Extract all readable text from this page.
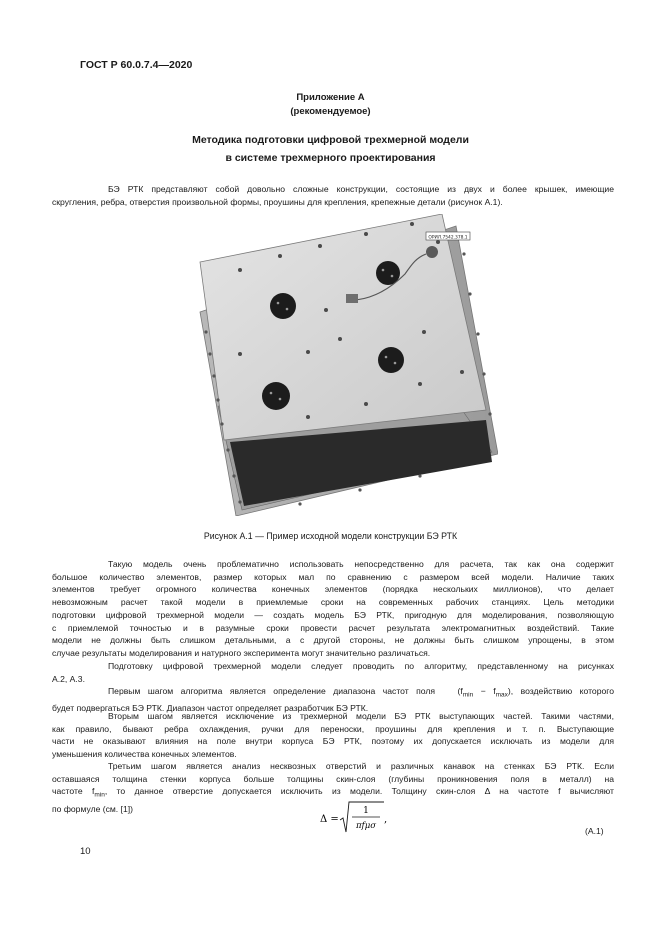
ГОСТ Р 60.0.7.4—2020
Приложение А
(рекомендуемое)
Методика подготовки цифровой трехмерной модели
в системе трехмерного проектирования
БЭ РТК представляют собой довольно сложные конструкции, состоящие из двух и более крышек, имеющие
скругления, ребра, отверстия произвольной формы, проушины для крепления, крепежные детали (рисунок А.1).
ОРИЛ.7542.378.1
Рисунок А.1 — Пример исходной модели конструкции БЭ РТК
Такую модель очень проблематично использовать непосредственно для расчета, так как она содержит
большое количество элементов, размер которых мал по сравнению с размером всей модели. Наличие таких
элементов требует огромного количества конечных элементов (порядка нескольких миллионов), что делает
невозможным расчет такой модели в приемлемые сроки на современных рабочих станциях. Цель методики
подготовки цифровой трехмерной модели — создать модель БЭ РТК, пригодную для моделирования, позволяющую
с приемлемой точностью и в разумные сроки провести расчет результата электромагнитных воздействий. Такие
модели не должны быть слишком детальными, а с другой стороны, не должны быть слишком упрощены, в этом
случае результаты моделирования и натурного эксперимента могут значительно различаться.
Подготовку цифровой трехмерной модели следует проводить по алгоритму, представленному на рисунках
А.2, А.3.
Первым шагом алгоритма является определение диапазона частот поля	$(f_{min} - f_{max})$, воздействию которого
будет подвергаться БЭ РТК. Диапазон частот определяет разработчик БЭ РТК.
Вторым шагом является исключение из трехмерной модели БЭ РТК выступающих частей. Такими частями,
как правило, бывают ребра охлаждения, ручки для переноски, проушины для крепления и т. п. Выступающие
части не оказывают влияния на поле внутри корпуса БЭ РТК, поэтому их допускается исключать из модели для
уменьшения количества конечных элементов.
Третьим шагом является анализ несквозных отверстий и различных канавок на стенках БЭ РТК. Если
оставшаяся толщина стенки корпуса больше толщины скин-слоя (глубины проникновения поля в металл) на
частоте $f_{min}$, то данное отверстие допускается исключить из модели. Толщину скин-слоя Δ на частоте f вычисляют
по формуле (см. [1])
Δ =
1
πfμσ
,
(А.1)
10
